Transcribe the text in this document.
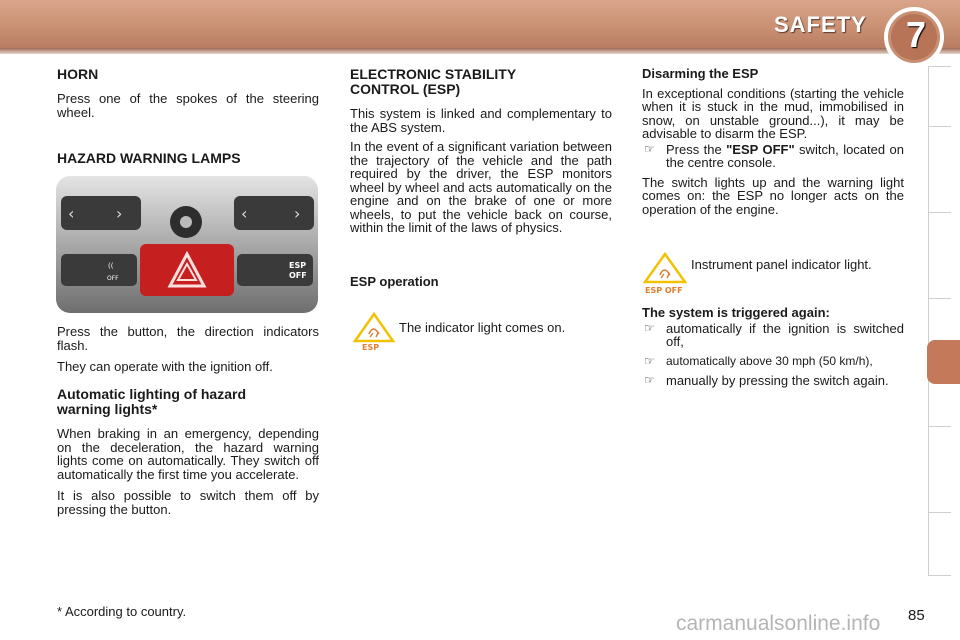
SAFETY 7
HORN
Press one of the spokes of the steering wheel.
HAZARD WARNING LAMPS
‹	›	‹	›
((
OFF
ESP
OFF
Press the button, the direction indicators flash.
They can operate with the ignition off.
Automatic lighting of hazard
warning lights*
When braking in an emergency, depending on the deceleration, the hazard warning lights come on automatically. They switch off automatically the first time you accelerate.
It is also possible to switch them off by pressing the button.
ELECTRONIC STABILITY
CONTROL (ESP)
This system is linked and complementary to the ABS system.
In the event of a significant variation between the trajectory of the vehicle and the path required by the driver, the ESP monitors wheel by wheel and acts automatically on the engine and on the brake of one or more wheels, to put the vehicle back on course, within the limit of the laws of physics.
ESP operation
ESP
The indicator light comes on.
Disarming the ESP
In exceptional conditions (starting the vehicle when it is stuck in the mud, immobilised in snow, on unstable ground...), it may be advisable to disarm the ESP.
☞ Press the "ESP OFF" switch, located on the centre console.
The switch lights up and the warning light comes on: the ESP no longer acts on the operation of the engine.
ESP OFF
Instrument panel indicator light.
The system is triggered again:
☞ automatically if the ignition is switched off,
☞ automatically above 30 mph (50 km/h),
☞ manually by pressing the switch again.
* According to country.
carmanualsonline.info 85
